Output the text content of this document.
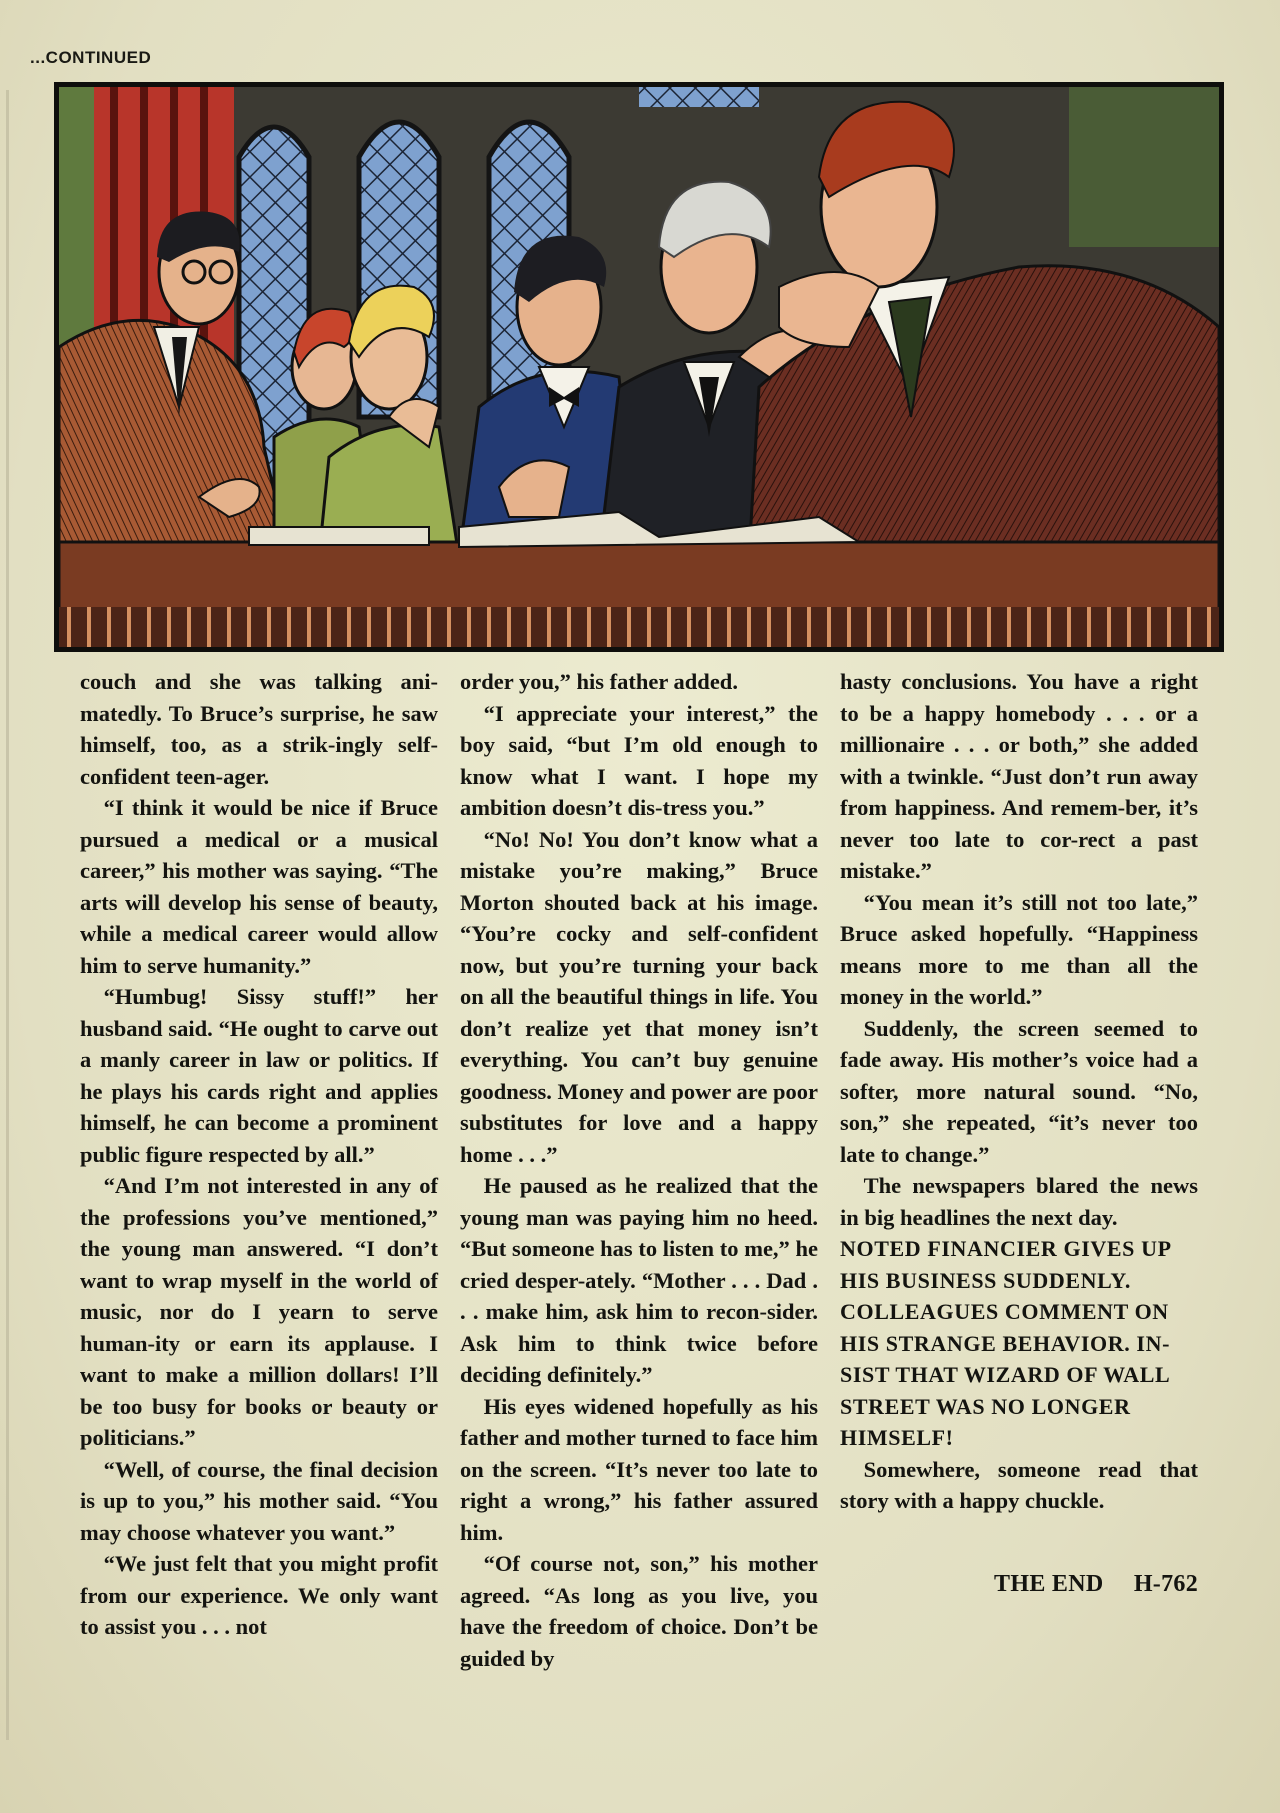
...CONTINUED

couch and she was talking ani-matedly. To Bruce’s surprise, he saw himself, too, as a strik-ingly self-confident teen-ager.

“I think it would be nice if Bruce pursued a medical or a musical career,” his mother was saying. “The arts will develop his sense of beauty, while a medical career would allow him to serve humanity.”

“Humbug! Sissy stuff!” her husband said. “He ought to carve out a manly career in law or politics. If he plays his cards right and applies himself, he can become a prominent public figure respected by all.”

“And I’m not interested in any of the professions you’ve mentioned,” the young man answered. “I don’t want to wrap myself in the world of music, nor do I yearn to serve human-ity or earn its applause. I want to make a million dollars! I’ll be too busy for books or beauty or politicians.”

“Well, of course, the final decision is up to you,” his mother said. “You may choose whatever you want.”

“We just felt that you might profit from our experience. We only want to assist you . . . not

order you,” his father added.

“I appreciate your interest,” the boy said, “but I’m old enough to know what I want. I hope my ambition doesn’t dis-tress you.”

“No! No! You don’t know what a mistake you’re making,” Bruce Morton shouted back at his image. “You’re cocky and self-confident now, but you’re turning your back on all the beautiful things in life. You don’t realize yet that money isn’t everything. You can’t buy genuine goodness. Money and power are poor substitutes for love and a happy home . . .”

He paused as he realized that the young man was paying him no heed. “But someone has to listen to me,” he cried desper-ately. “Mother . . . Dad . . . make him, ask him to recon-sider. Ask him to think twice before deciding definitely.”

His eyes widened hopefully as his father and mother turned to face him on the screen. “It’s never too late to right a wrong,” his father assured him.

“Of course not, son,” his mother agreed. “As long as you live, you have the freedom of choice. Don’t be guided by

hasty conclusions. You have a right to be a happy homebody . . . or a millionaire . . . or both,” she added with a twinkle. “Just don’t run away from happiness. And remem-ber, it’s never too late to cor-rect a past mistake.”

“You mean it’s still not too late,” Bruce asked hopefully. “Happiness means more to me than all the money in the world.”

Suddenly, the screen seemed to fade away. His mother’s voice had a softer, more natural sound. “No, son,” she repeated, “it’s never too late to change.”

The newspapers blared the news in big headlines the next day.

NOTED FINANCIER GIVES UP HIS BUSINESS SUDDENLY. COLLEAGUES COMMENT ON HIS STRANGE BEHAVIOR. IN-SIST THAT WIZARD OF WALL STREET WAS NO LONGER HIMSELF!

Somewhere, someone read that story with a happy chuckle.

THE END H-762
